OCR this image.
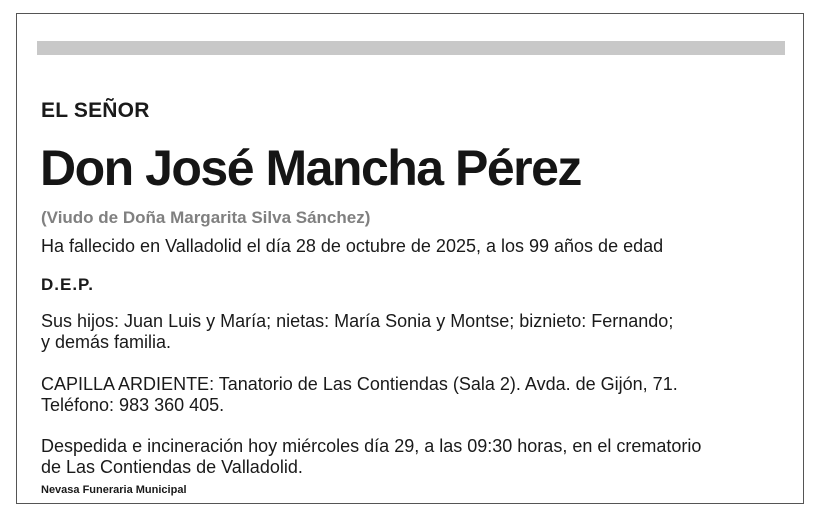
EL SEÑOR
Don José Mancha Pérez
(Viudo de Doña Margarita Silva Sánchez)
Ha fallecido en Valladolid el día 28 de octubre de 2025, a los 99 años de edad
D.E.P.
Sus hijos: Juan Luis y María; nietas: María Sonia y Montse; biznieto: Fernando;
y demás familia.
CAPILLA ARDIENTE: Tanatorio de Las Contiendas (Sala 2). Avda. de Gijón, 71.
Teléfono: 983 360 405.
Despedida e incineración hoy miércoles día 29, a las 09:30 horas, en el crematorio
de Las Contiendas de Valladolid.
Nevasa Funeraria Municipal
